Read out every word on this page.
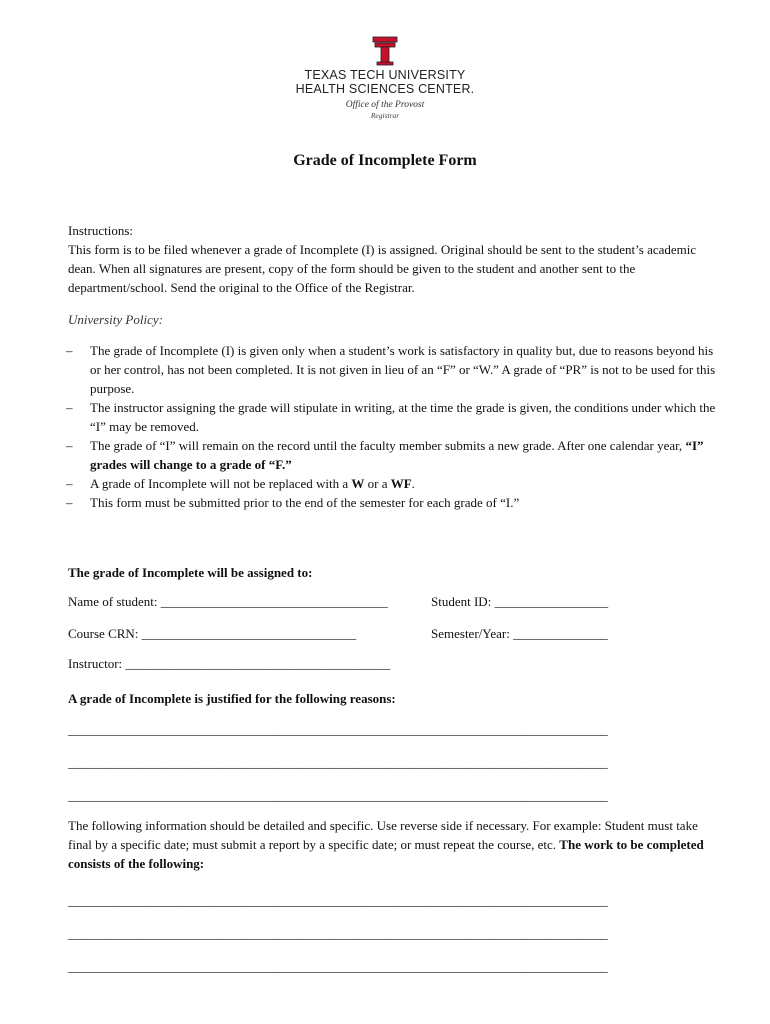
TEXAS TECH UNIVERSITY
HEALTH SCIENCES CENTER.
Office of the Provost
Registrar
Grade of Incomplete Form
Instructions:
This form is to be filed whenever a grade of Incomplete (I) is assigned. Original should be sent to the student’s academic dean. When all signatures are present, copy of the form should be given to the student and another sent to the department/school. Send the original to the Office of the Registrar.
University Policy:
– The grade of Incomplete (I) is given only when a student’s work is satisfactory in quality but, due to reasons beyond his or her control, has not been completed. It is not given in lieu of an “F” or “W.” A grade of “PR” is not to be used for this purpose.
– The instructor assigning the grade will stipulate in writing, at the time the grade is given, the conditions under which the “I” may be removed.
– The grade of “I” will remain on the record until the faculty member submits a new grade. After one calendar year, “I” grades will change to a grade of “F.”
– A grade of Incomplete will not be replaced with a W or a WF.
– This form must be submitted prior to the end of the semester for each grade of “I.”
The grade of Incomplete will be assigned to:
Name of student: ____________________________________	Student ID: __________________
Course CRN: __________________________________	Semester/Year: _______________
Instructor: __________________________________________
A grade of Incomplete is justified for the following reasons:
_______________________________________________________________________________________
_______________________________________________________________________________________
_______________________________________________________________________________________
The following information should be detailed and specific. Use reverse side if necessary. For example: Student must take final by a specific date; must submit a report by a specific date; or must repeat the course, etc. The work to be completed consists of the following:
_______________________________________________________________________________________
_______________________________________________________________________________________
_______________________________________________________________________________________
